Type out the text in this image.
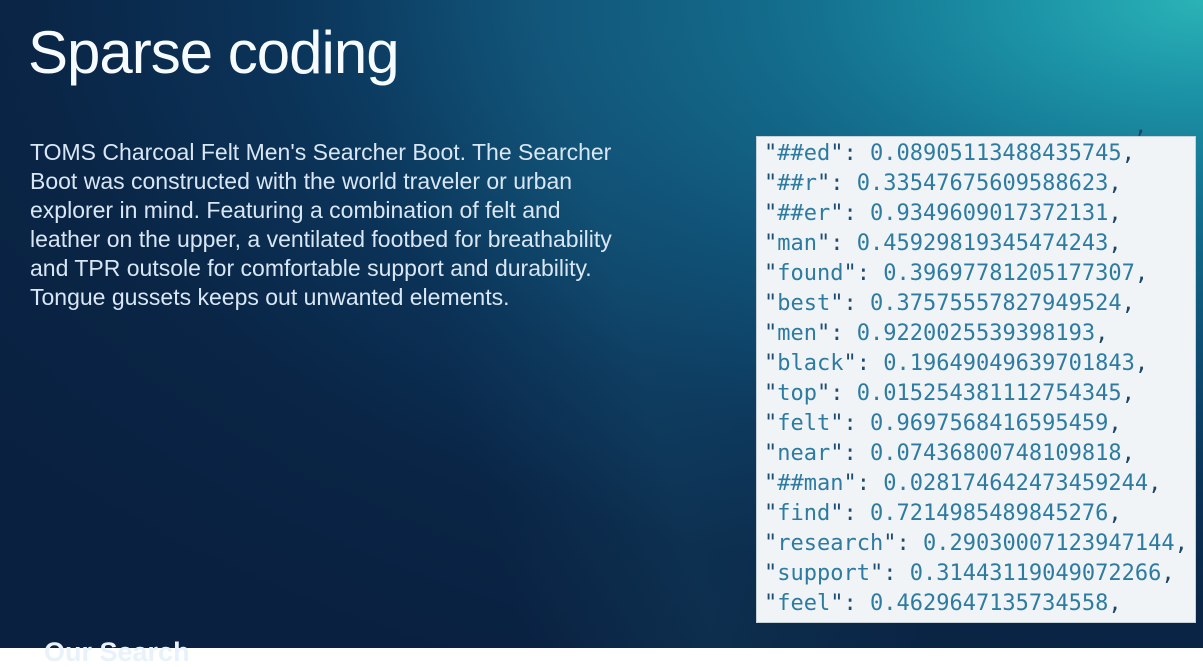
Sparse coding

TOMS Charcoal Felt Men's Searcher Boot. The Searcher Boot was constructed with the world traveler or urban explorer in mind. Featuring a combination of felt and leather on the upper, a ventilated footbed for breathability and TPR outsole for comfortable support and durability. Tongue gussets keeps out unwanted elements.

,
"##ed": 0.08905113488435745,
"##r": 0.33547675609588623,
"##er": 0.9349609017372131,
"man": 0.45929819345474243,
"found": 0.39697781205177307,
"best": 0.37575557827949524,
"men": 0.9220025539398193,
"black": 0.19649049639701843,
"top": 0.015254381112754345,
"felt": 0.9697568416595459,
"near": 0.07436800748109818,
"##man": 0.028174642473459244,
"find": 0.7214985489845276,
"research": 0.29030007123947144,
"support": 0.31443119049072266,
"feel": 0.4629647135734558,
Our Search
